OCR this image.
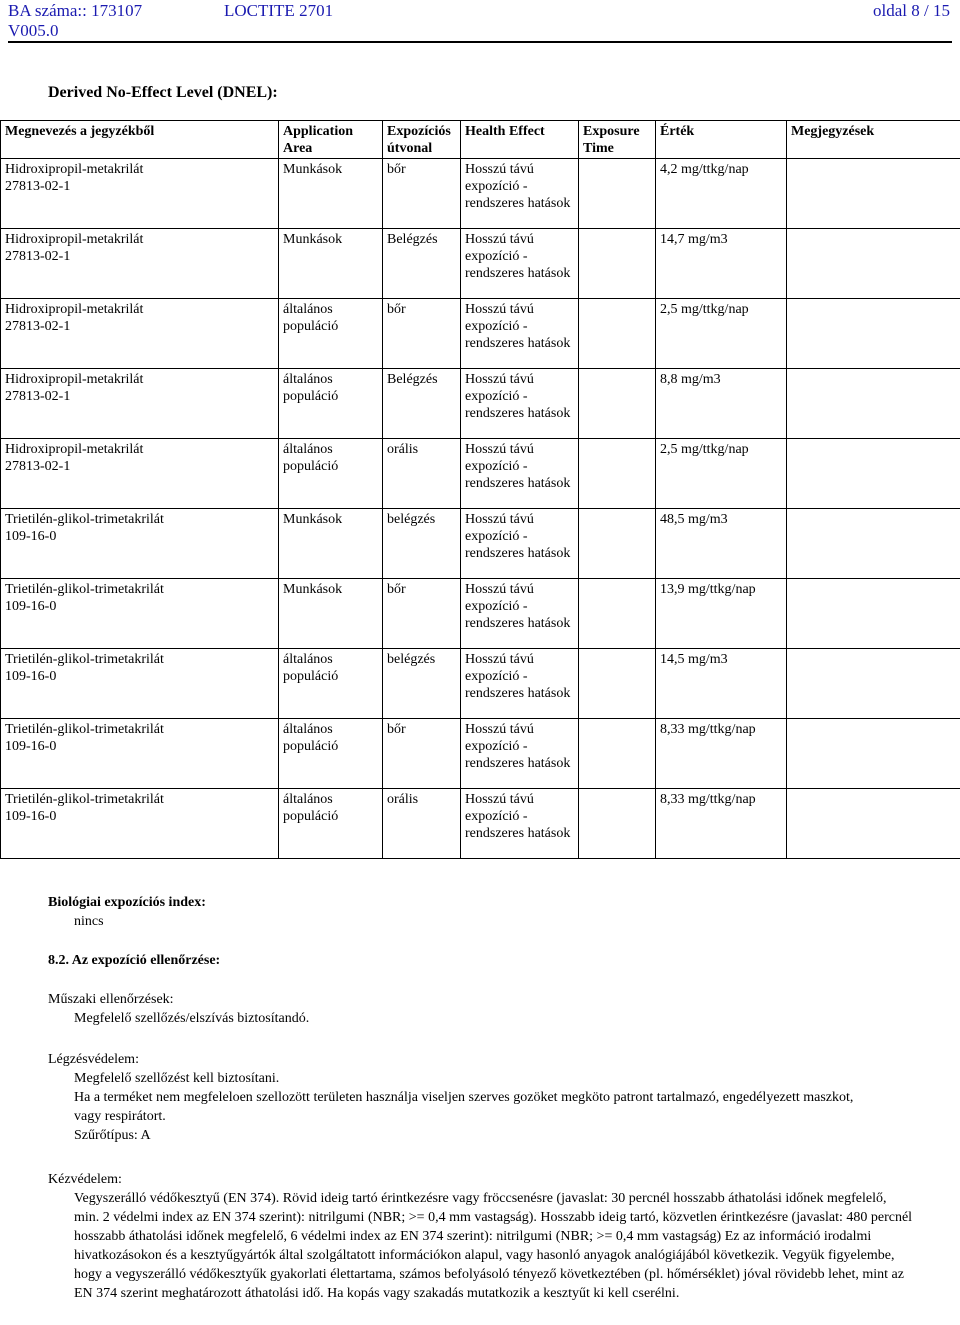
BA száma:: 173107	LOCTITE 2701	oldal 8 / 15
V005.0
Derived No-Effect Level (DNEL):
Megnevezés a jegyzékből	Application Area	Expozíciós útvonal	Health Effect	Exposure Time	Érték	Megjegyzések

Hidroxipropil-metakrilát
27813-02-1	Munkások	bőr	Hosszú távú expozíció - rendszeres hatások		4,2 mg/ttkg/nap	

Hidroxipropil-metakrilát
27813-02-1	Munkások	Belégzés	Hosszú távú expozíció - rendszeres hatások		14,7 mg/m3	

Hidroxipropil-metakrilát
27813-02-1	általános populáció	bőr	Hosszú távú expozíció - rendszeres hatások		2,5 mg/ttkg/nap	

Hidroxipropil-metakrilát
27813-02-1	általános populáció	Belégzés	Hosszú távú expozíció - rendszeres hatások		8,8 mg/m3	

Hidroxipropil-metakrilát
27813-02-1	általános populáció	orális	Hosszú távú expozíció - rendszeres hatások		2,5 mg/ttkg/nap	

Trietilén-glikol-trimetakrilát
109-16-0	Munkások	belégzés	Hosszú távú expozíció - rendszeres hatások		48,5 mg/m3	

Trietilén-glikol-trimetakrilát
109-16-0	Munkások	bőr	Hosszú távú expozíció - rendszeres hatások		13,9 mg/ttkg/nap	

Trietilén-glikol-trimetakrilát
109-16-0	általános populáció	belégzés	Hosszú távú expozíció - rendszeres hatások		14,5 mg/m3	

Trietilén-glikol-trimetakrilát
109-16-0	általános populáció	bőr	Hosszú távú expozíció - rendszeres hatások		8,33 mg/ttkg/nap	

Trietilén-glikol-trimetakrilát
109-16-0	általános populáció	orális	Hosszú távú expozíció - rendszeres hatások		8,33 mg/ttkg/nap	
Biológiai expozíciós index:
nincs
8.2. Az expozíció ellenőrzése:
Műszaki ellenőrzések:
Megfelelő szellőzés/elszívás biztosítandó.
Légzésvédelem:
Megfelelő szellőzést kell biztosítani.
Ha a terméket nem megfeleloen szellozött területen használja viseljen szerves gozöket megköto patront tartalmazó, engedélyezett maszkot, vagy respirátort.
Szűrőtípus: A
Kézvédelem:
Vegyszerálló védőkesztyű (EN 374). Rövid ideig tartó érintkezésre vagy fröccsenésre (javaslat: 30 percnél hosszabb áthatolási időnek megfelelő, min. 2 védelmi index az EN 374 szerint): nitrilgumi (NBR; >= 0,4 mm vastagság). Hosszabb ideig tartó, közvetlen érintkezésre (javaslat: 480 percnél hosszabb áthatolási időnek megfelelő, 6 védelmi index az EN 374 szerint): nitrilgumi (NBR; >= 0,4 mm vastagság) Ez az információ irodalmi hivatkozásokon és a kesztyűgyártók által szolgáltatott információkon alapul, vagy hasonló anyagok analógiájából következik. Vegyük figyelembe, hogy a vegyszerálló védőkesztyűk gyakorlati élettartama, számos befolyásoló tényező következtében (pl. hőmérséklet) jóval rövidebb lehet, mint az EN 374 szerint meghatározott áthatolási idő. Ha kopás vagy szakadás mutatkozik a kesztyűt ki kell cserélni.
